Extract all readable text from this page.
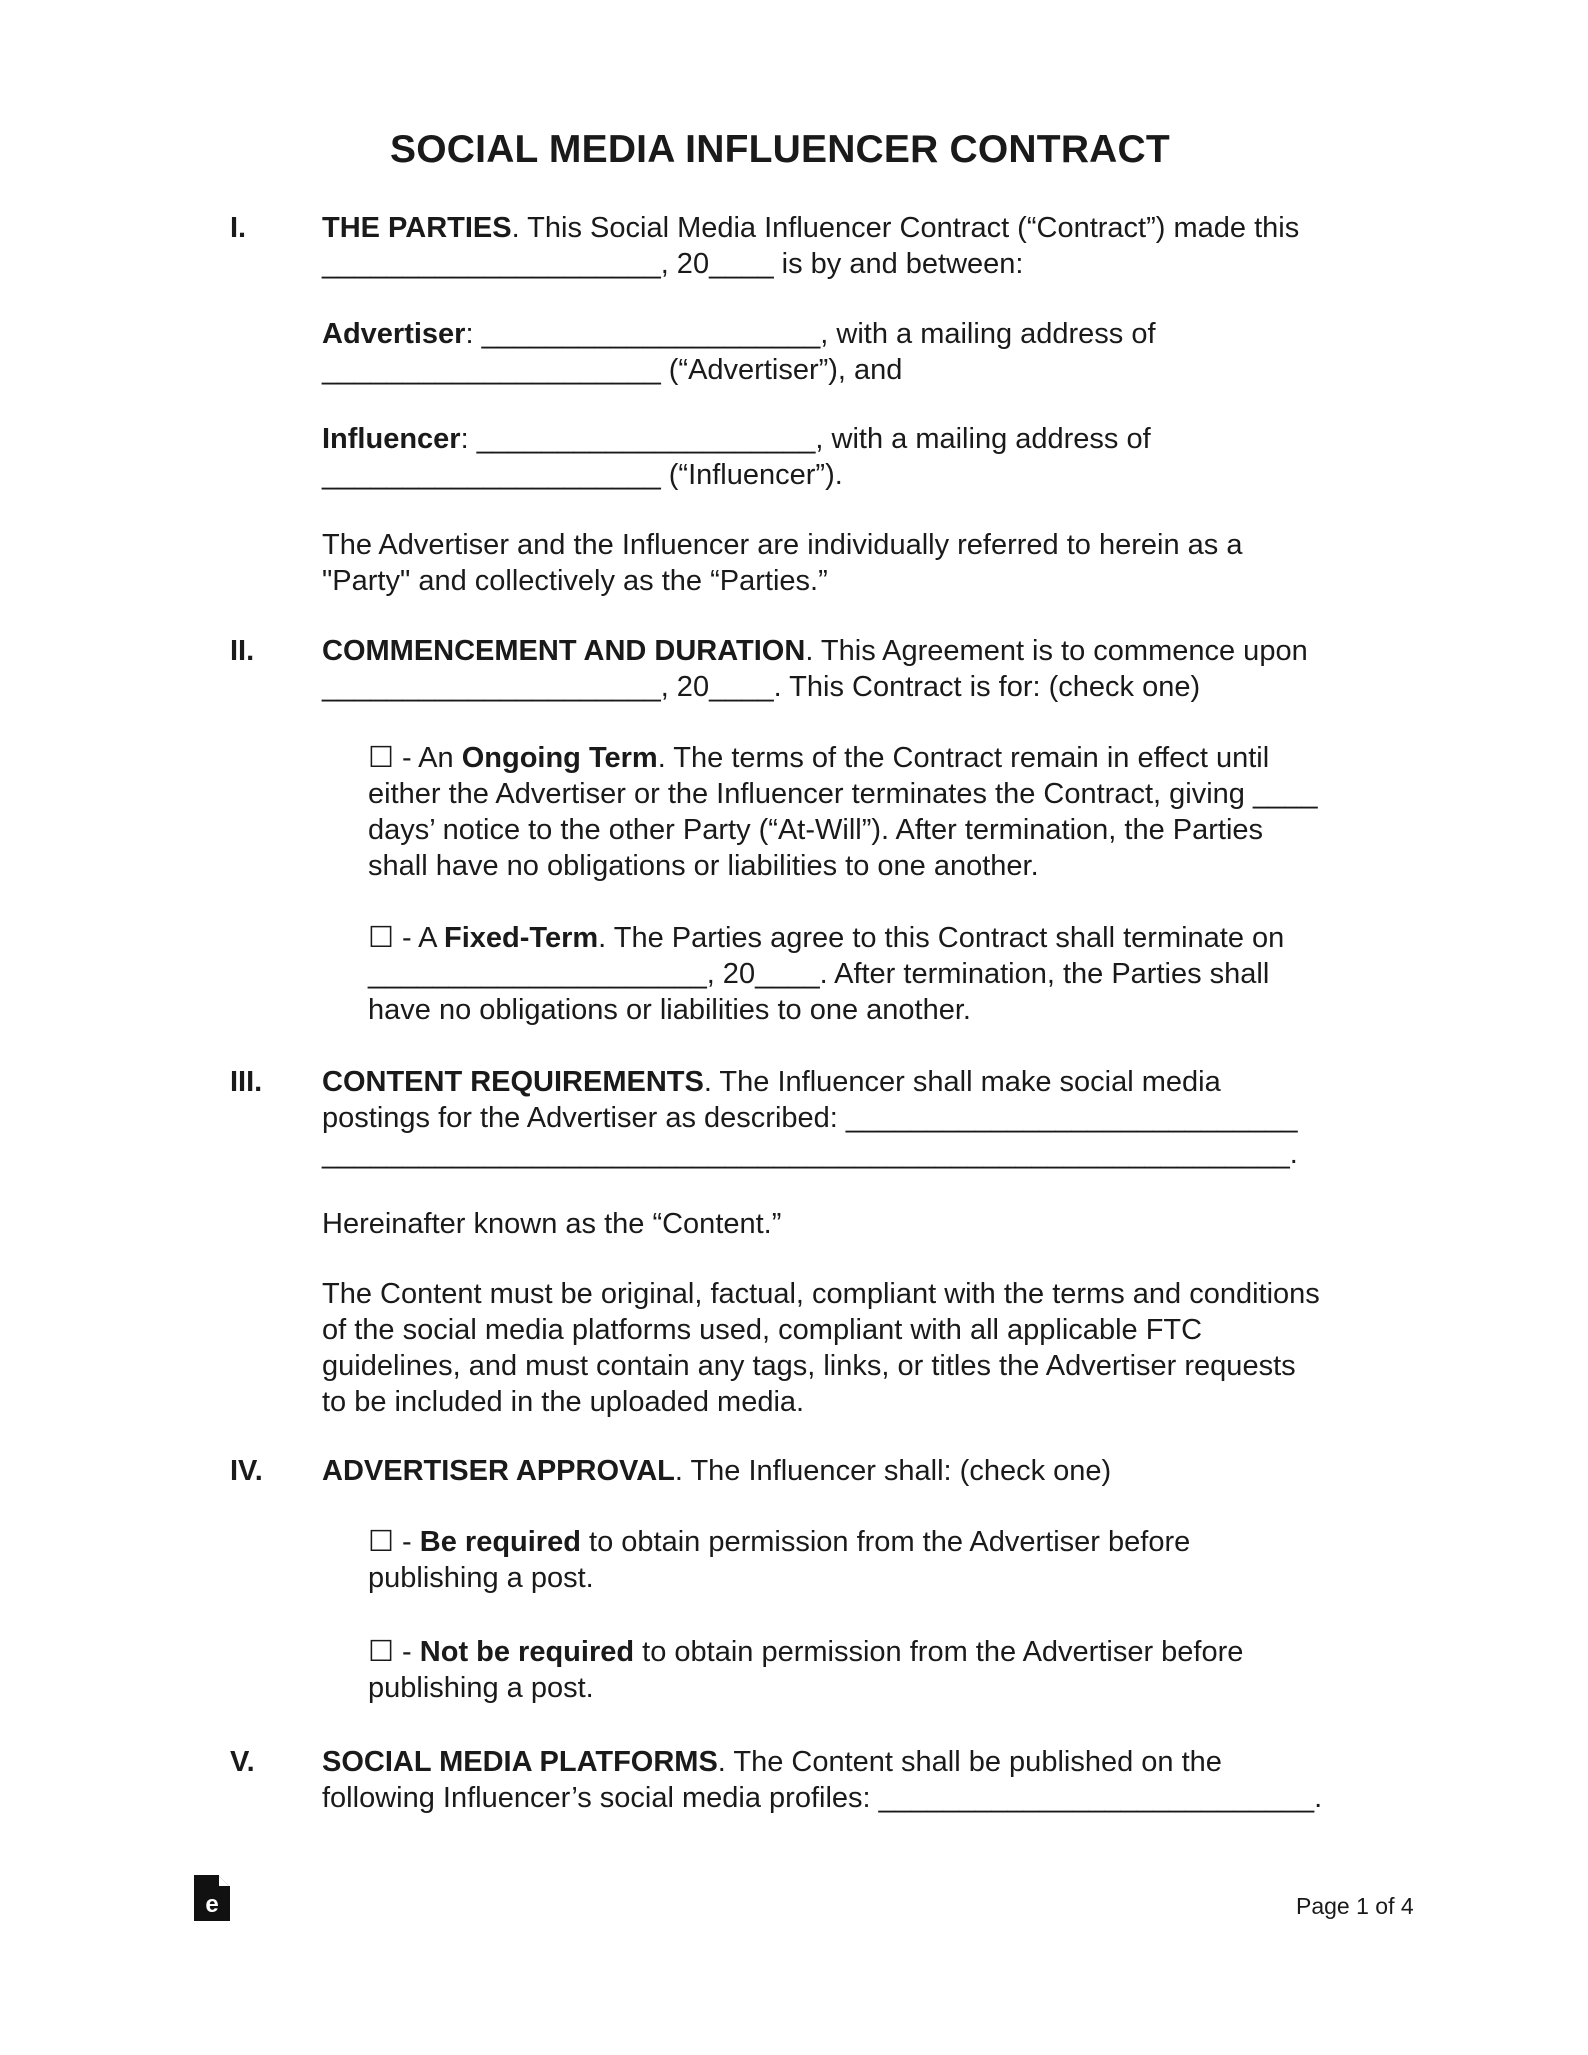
SOCIAL MEDIA INFLUENCER CONTRACT
I.	THE PARTIES. This Social Media Influencer Contract (“Contract”) made this
_____________________, 20____ is by and between:
Advertiser: _____________________, with a mailing address of
_____________________ (“Advertiser”), and
Influencer: _____________________, with a mailing address of
_____________________ (“Influencer”).
The Advertiser and the Influencer are individually referred to herein as a
"Party" and collectively as the “Parties.”
II. COMMENCEMENT AND DURATION. This Agreement is to commence upon
_____________________, 20____. This Contract is for: (check one)
☐ - An Ongoing Term. The terms of the Contract remain in effect until
either the Advertiser or the Influencer terminates the Contract, giving ____
days’ notice to the other Party (“At-Will”). After termination, the Parties
shall have no obligations or liabilities to one another.
☐ - A Fixed-Term. The Parties agree to this Contract shall terminate on
_____________________, 20____. After termination, the Parties shall
have no obligations or liabilities to one another.
III. CONTENT REQUIREMENTS. The Influencer shall make social media
postings for the Advertiser as described: ____________________________
____________________________________________________________.
Hereinafter known as the “Content.”
The Content must be original, factual, compliant with the terms and conditions
of the social media platforms used, compliant with all applicable FTC
guidelines, and must contain any tags, links, or titles the Advertiser requests
to be included in the uploaded media.
IV. ADVERTISER APPROVAL. The Influencer shall: (check one)
☐ - Be required to obtain permission from the Advertiser before
publishing a post.
☐ - Not be required to obtain permission from the Advertiser before
publishing a post.
V. SOCIAL MEDIA PLATFORMS. The Content shall be published on the
following Influencer’s social media profiles: ___________________________.
e	Page 1 of 4
